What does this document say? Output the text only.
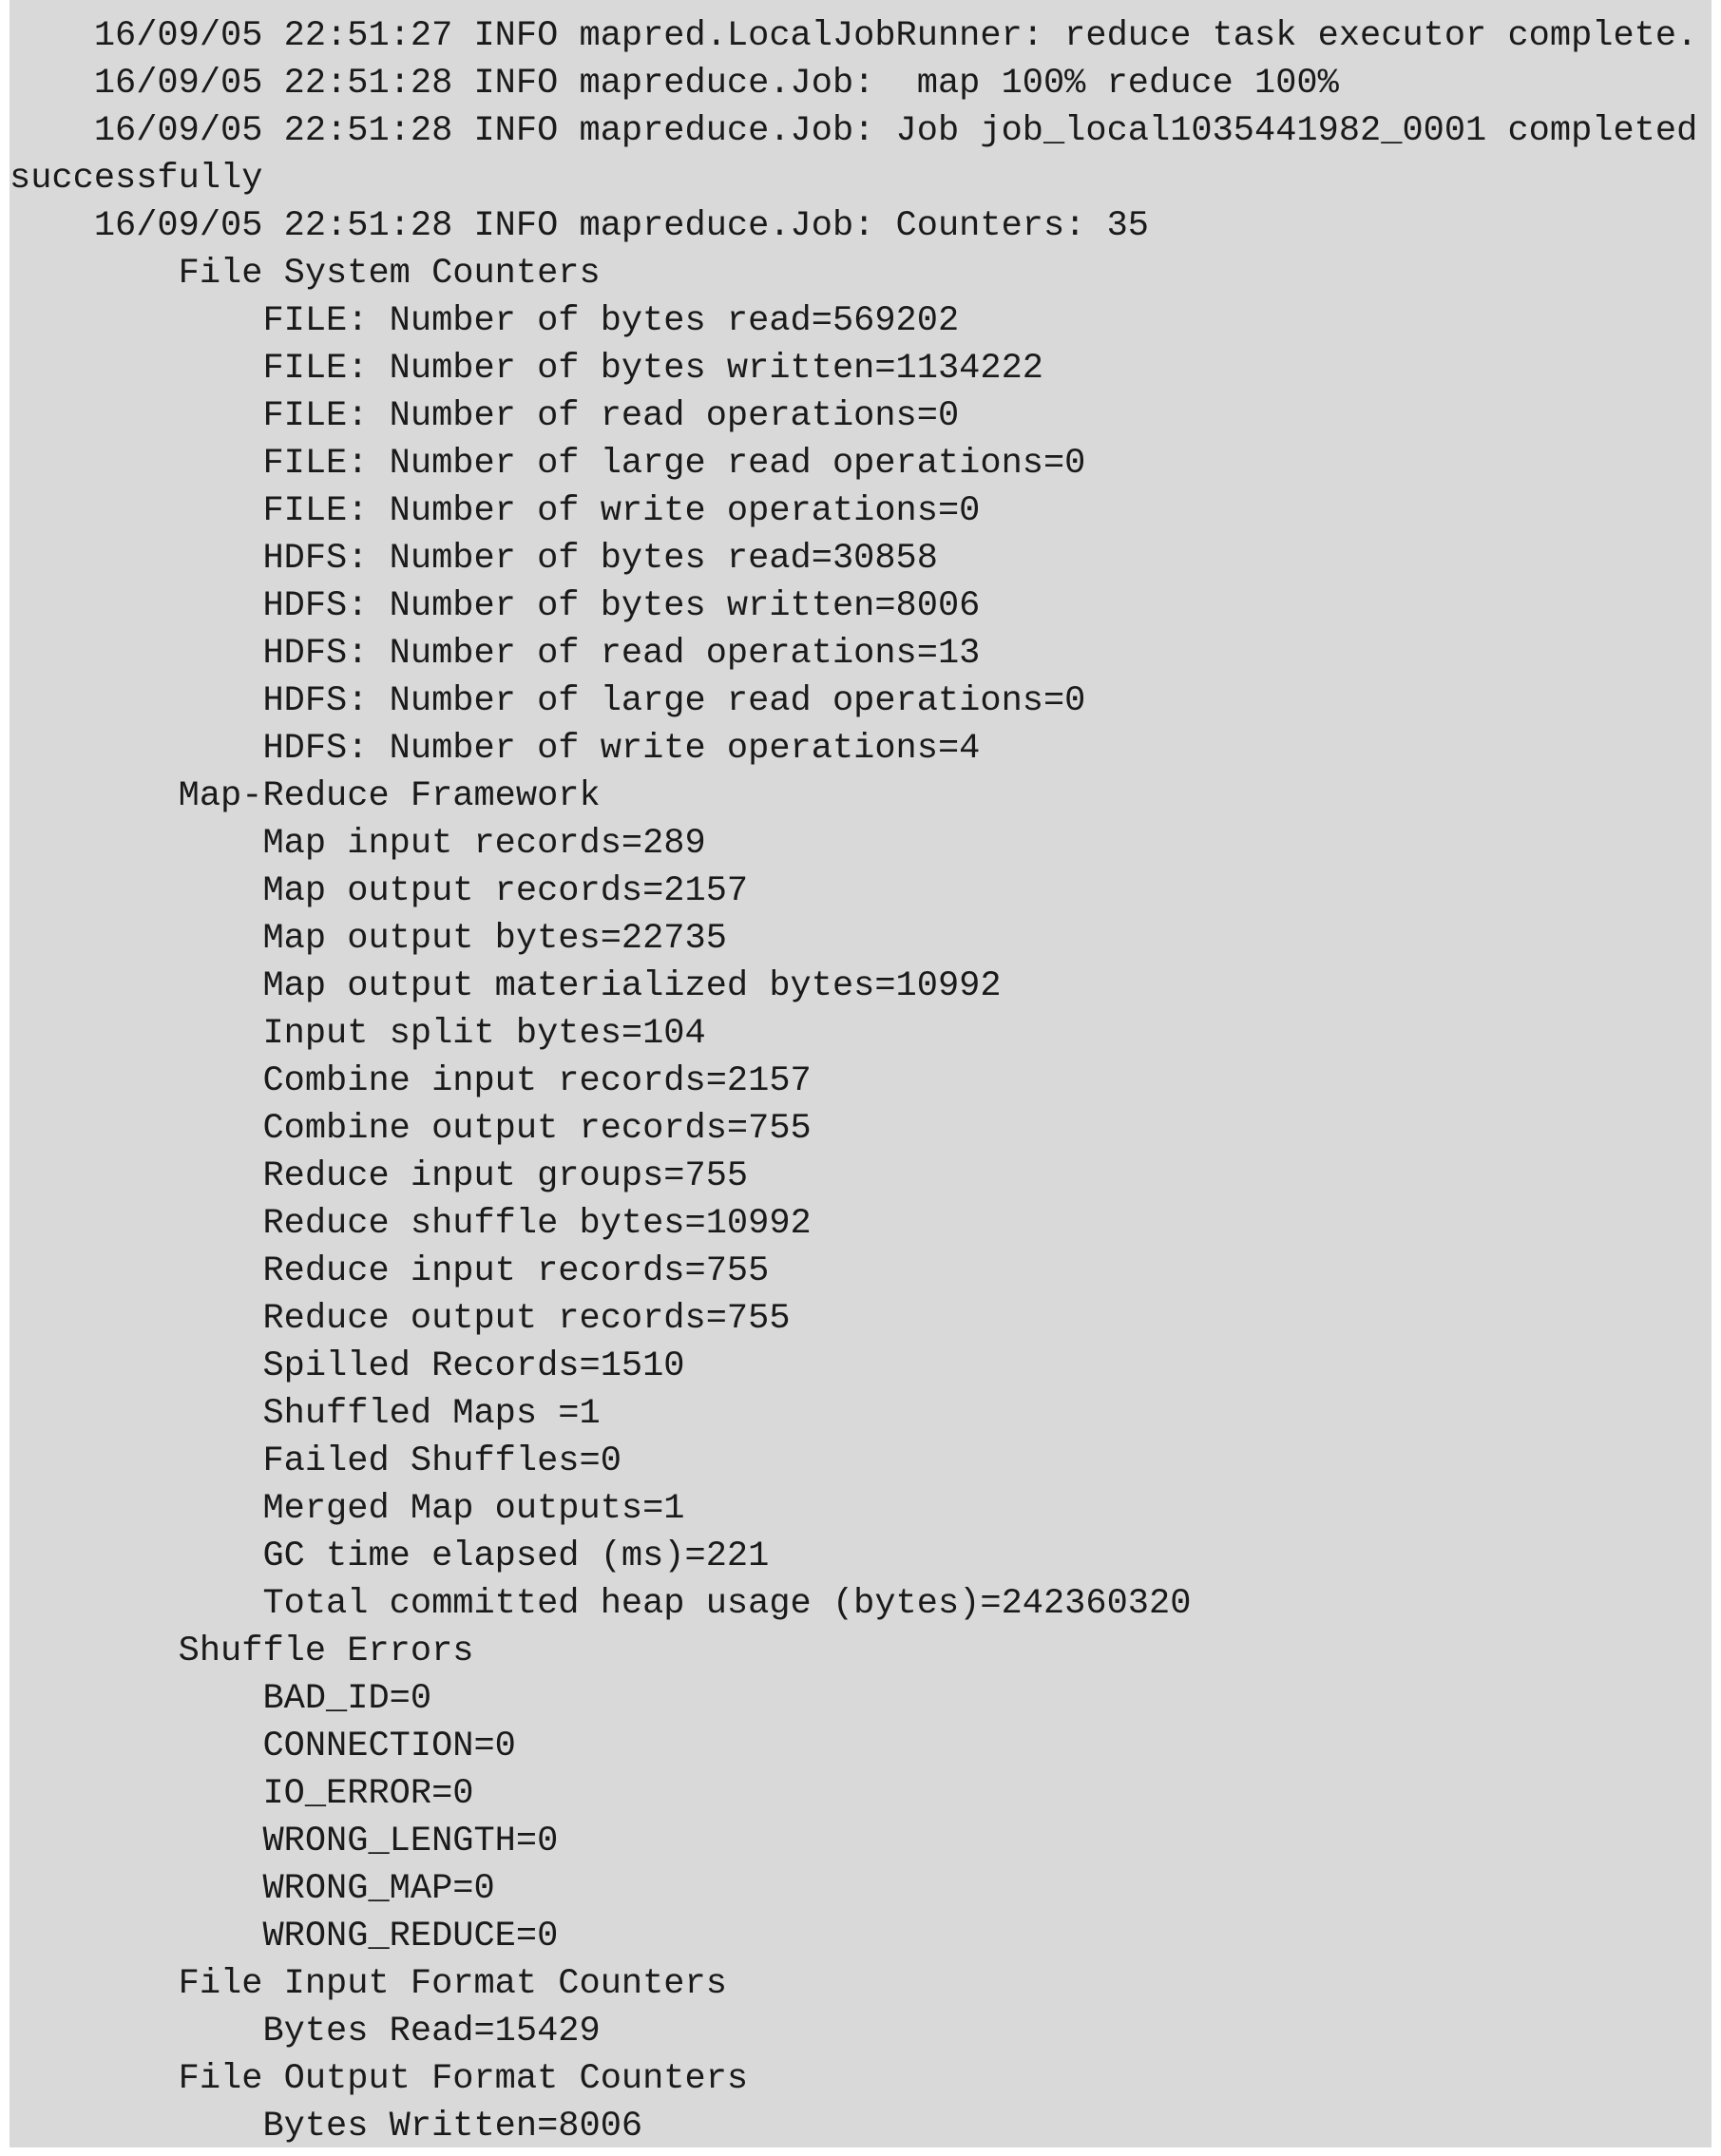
16/09/05 22:51:27 INFO mapred.LocalJobRunner: reduce task executor complete.
16/09/05 22:51:28 INFO mapreduce.Job:  map 100% reduce 100%
16/09/05 22:51:28 INFO mapreduce.Job: Job job_local1035441982_0001 completed
successfully
16/09/05 22:51:28 INFO mapreduce.Job: Counters: 35
File System Counters
FILE: Number of bytes read=569202
FILE: Number of bytes written=1134222
FILE: Number of read operations=0
FILE: Number of large read operations=0
FILE: Number of write operations=0
HDFS: Number of bytes read=30858
HDFS: Number of bytes written=8006
HDFS: Number of read operations=13
HDFS: Number of large read operations=0
HDFS: Number of write operations=4
Map-Reduce Framework
Map input records=289
Map output records=2157
Map output bytes=22735
Map output materialized bytes=10992
Input split bytes=104
Combine input records=2157
Combine output records=755
Reduce input groups=755
Reduce shuffle bytes=10992
Reduce input records=755
Reduce output records=755
Spilled Records=1510
Shuffled Maps =1
Failed Shuffles=0
Merged Map outputs=1
GC time elapsed (ms)=221
Total committed heap usage (bytes)=242360320
Shuffle Errors
BAD_ID=0
CONNECTION=0
IO_ERROR=0
WRONG_LENGTH=0
WRONG_MAP=0
WRONG_REDUCE=0
File Input Format Counters
Bytes Read=15429
File Output Format Counters
Bytes Written=8006
